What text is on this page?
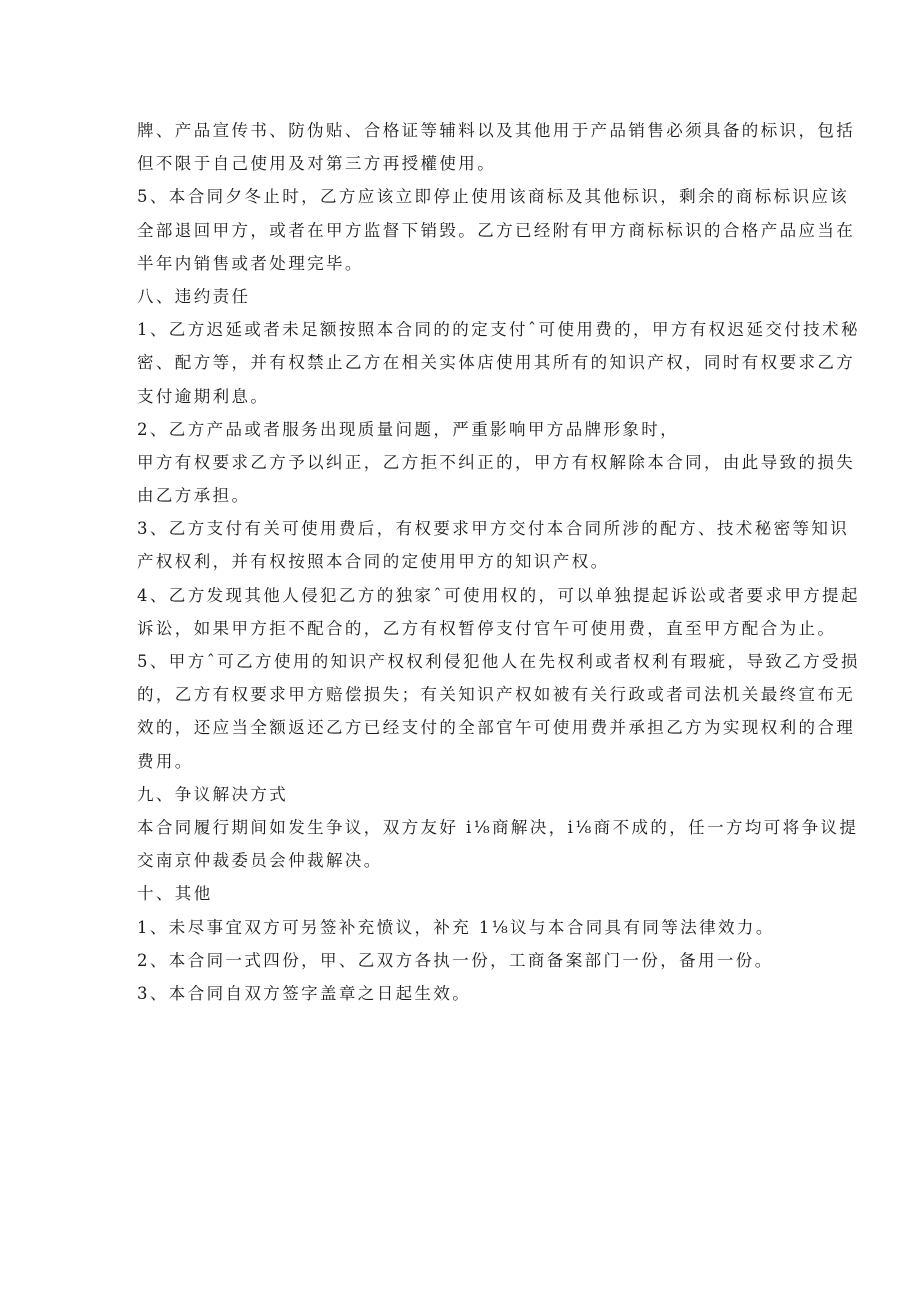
牌、产品宣传书、防伪贴、合格证等辅料以及其他用于产品销售必须具备的标识，包括
但不限于自己使用及对第三方再授權使用。
5、本合同夕冬止时，乙方应该立即停止使用该商标及其他标识，剩余的商标标识应该
全部退回甲方，或者在甲方监督下销毁。乙方已经附有甲方商标标识的合格产品应当在
半年内销售或者处理完毕。
八、违约责任
1、乙方迟延或者未足额按照本合同的的定支付ˆ可使用费的，甲方有权迟延交付技术秘
密、配方等，并有权禁止乙方在相关实体店使用其所有的知识产权，同时有权要求乙方
支付逾期利息。
2、乙方产品或者服务出现质量问题，严重影响甲方品牌形象时，
甲方有权要求乙方予以纠正，乙方拒不纠正的，甲方有权解除本合同，由此导致的损失
由乙方承担。
3、乙方支付有关可使用费后，有权要求甲方交付本合同所涉的配方、技术秘密等知识
产权权利，并有权按照本合同的定使用甲方的知识产权。
4、乙方发现其他人侵犯乙方的独家ˆ可使用权的，可以单独提起诉讼或者要求甲方提起
诉讼，如果甲方拒不配合的，乙方有权暂停支付官午可使用费，直至甲方配合为止。
5、甲方ˆ可乙方使用的知识产权权利侵犯他人在先权利或者权利有瑕疵，导致乙方受损
的，乙方有权要求甲方赔偿损失；有关知识产权如被有关行政或者司法机关最终宣布无
效的，还应当全额返还乙方已经支付的全部官午可使用费并承担乙方为实现权利的合理
费用。
九、争议解决方式
本合同履行期间如发生争议，双方友好 i⅛商解决，i⅛商不成的，任一方均可将争议提
交南京仲裁委员会仲裁解决。
十、其他
1、未尽事宜双方可另签补充愤议，补充 1⅛议与本合同具有同等法律效力。
2、本合同一式四份，甲、乙双方各执一份，工商备案部门一份，备用一份。
3、本合同自双方签字盖章之日起生效。
